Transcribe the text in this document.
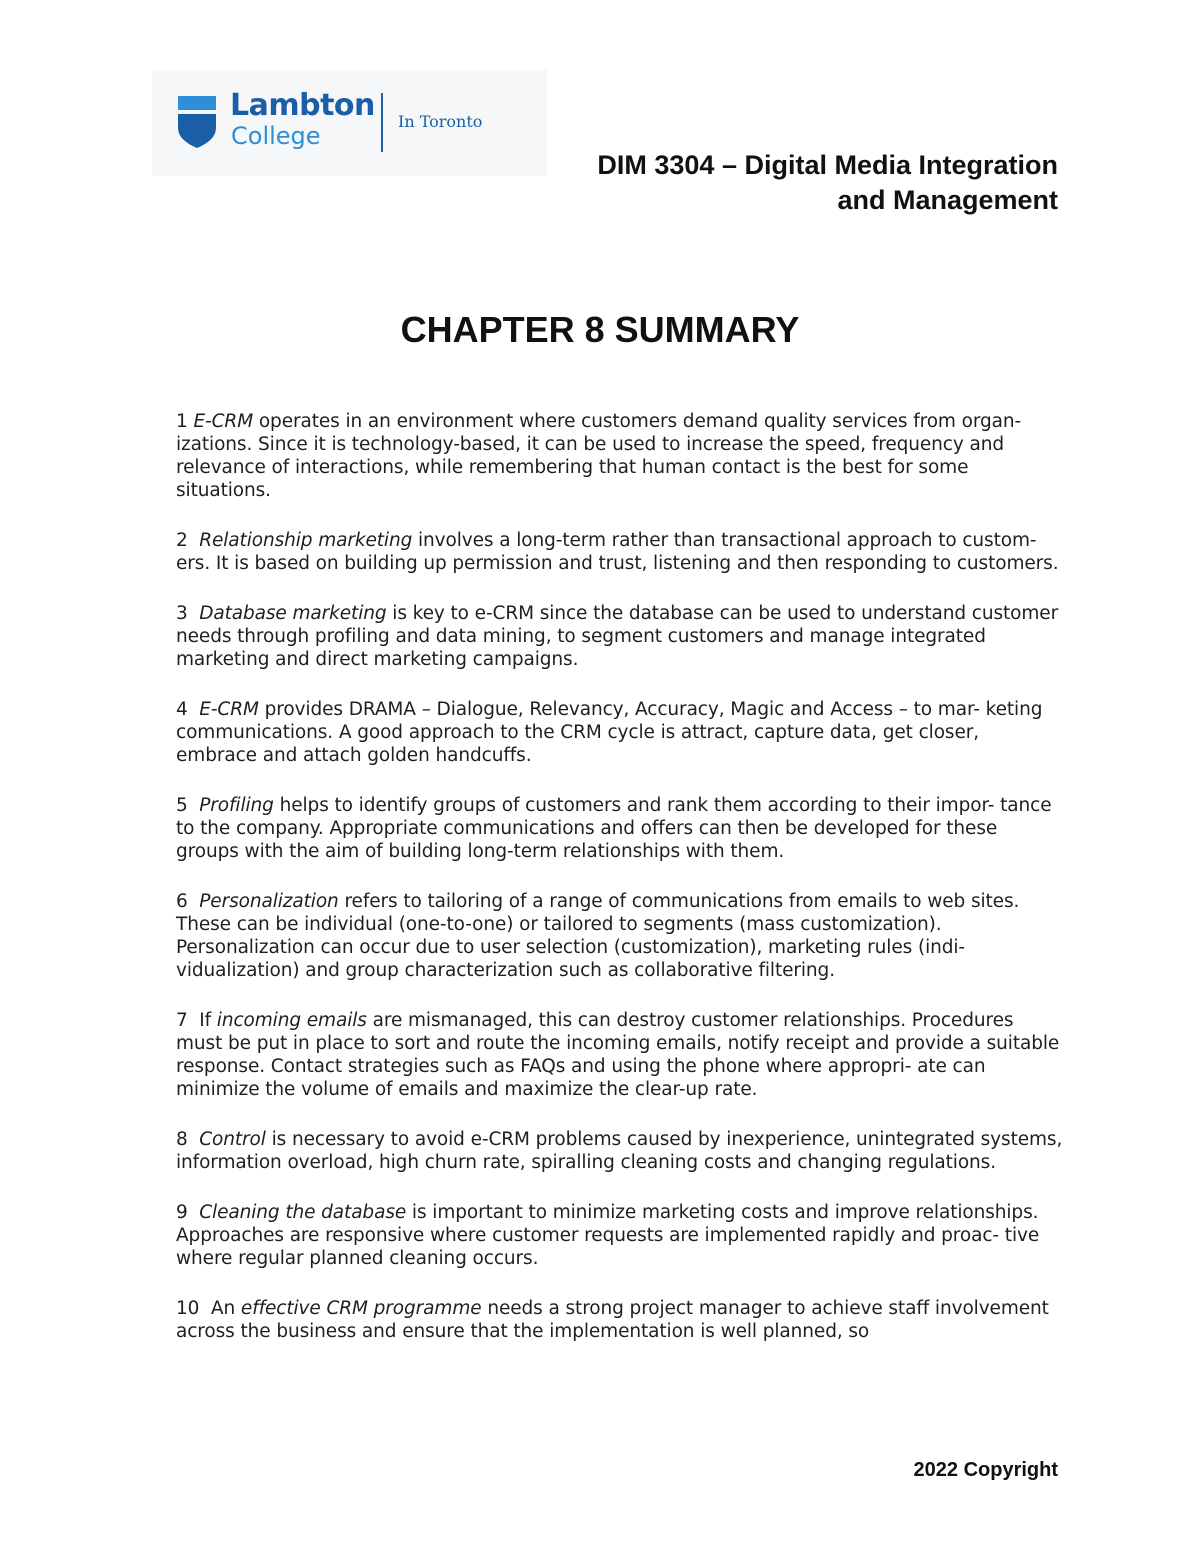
Lambton
College
In Toronto
DIM 3304 – Digital Media Integration
and Management
CHAPTER 8 SUMMARY

1 E-CRM operates in an environment where customers demand quality services from organ- izations. Since it is technology-based, it can be used to increase the speed, frequency and relevance of interactions, while remembering that human contact is the best for some situations.

2 Relationship marketing involves a long-term rather than transactional approach to custom- ers. It is based on building up permission and trust, listening and then responding to customers.

3 Database marketing is key to e-CRM since the database can be used to understand customer needs through profiling and data mining, to segment customers and manage integrated marketing and direct marketing campaigns.

4 E-CRM provides DRAMA – Dialogue, Relevancy, Accuracy, Magic and Access – to mar- keting communications. A good approach to the CRM cycle is attract, capture data, get closer, embrace and attach golden handcuffs.

5 Profiling helps to identify groups of customers and rank them according to their impor- tance to the company. Appropriate communications and offers can then be developed for these groups with the aim of building long-term relationships with them.

6 Personalization refers to tailoring of a range of communications from emails to web sites. These can be individual (one-to-one) or tailored to segments (mass customization). Personalization can occur due to user selection (customization), marketing rules (indi- vidualization) and group characterization such as collaborative filtering.

7 If incoming emails are mismanaged, this can destroy customer relationships. Procedures must be put in place to sort and route the incoming emails, notify receipt and provide a suitable response. Contact strategies such as FAQs and using the phone where appropri- ate can minimize the volume of emails and maximize the clear-up rate.

8 Control is necessary to avoid e-CRM problems caused by inexperience, unintegrated systems, information overload, high churn rate, spiralling cleaning costs and changing regulations.

9 Cleaning the database is important to minimize marketing costs and improve relationships. Approaches are responsive where customer requests are implemented rapidly and proac- tive where regular planned cleaning occurs.

10 An effective CRM programme needs a strong project manager to achieve staff involvement across the business and ensure that the implementation is well planned, so

2022 Copyright
